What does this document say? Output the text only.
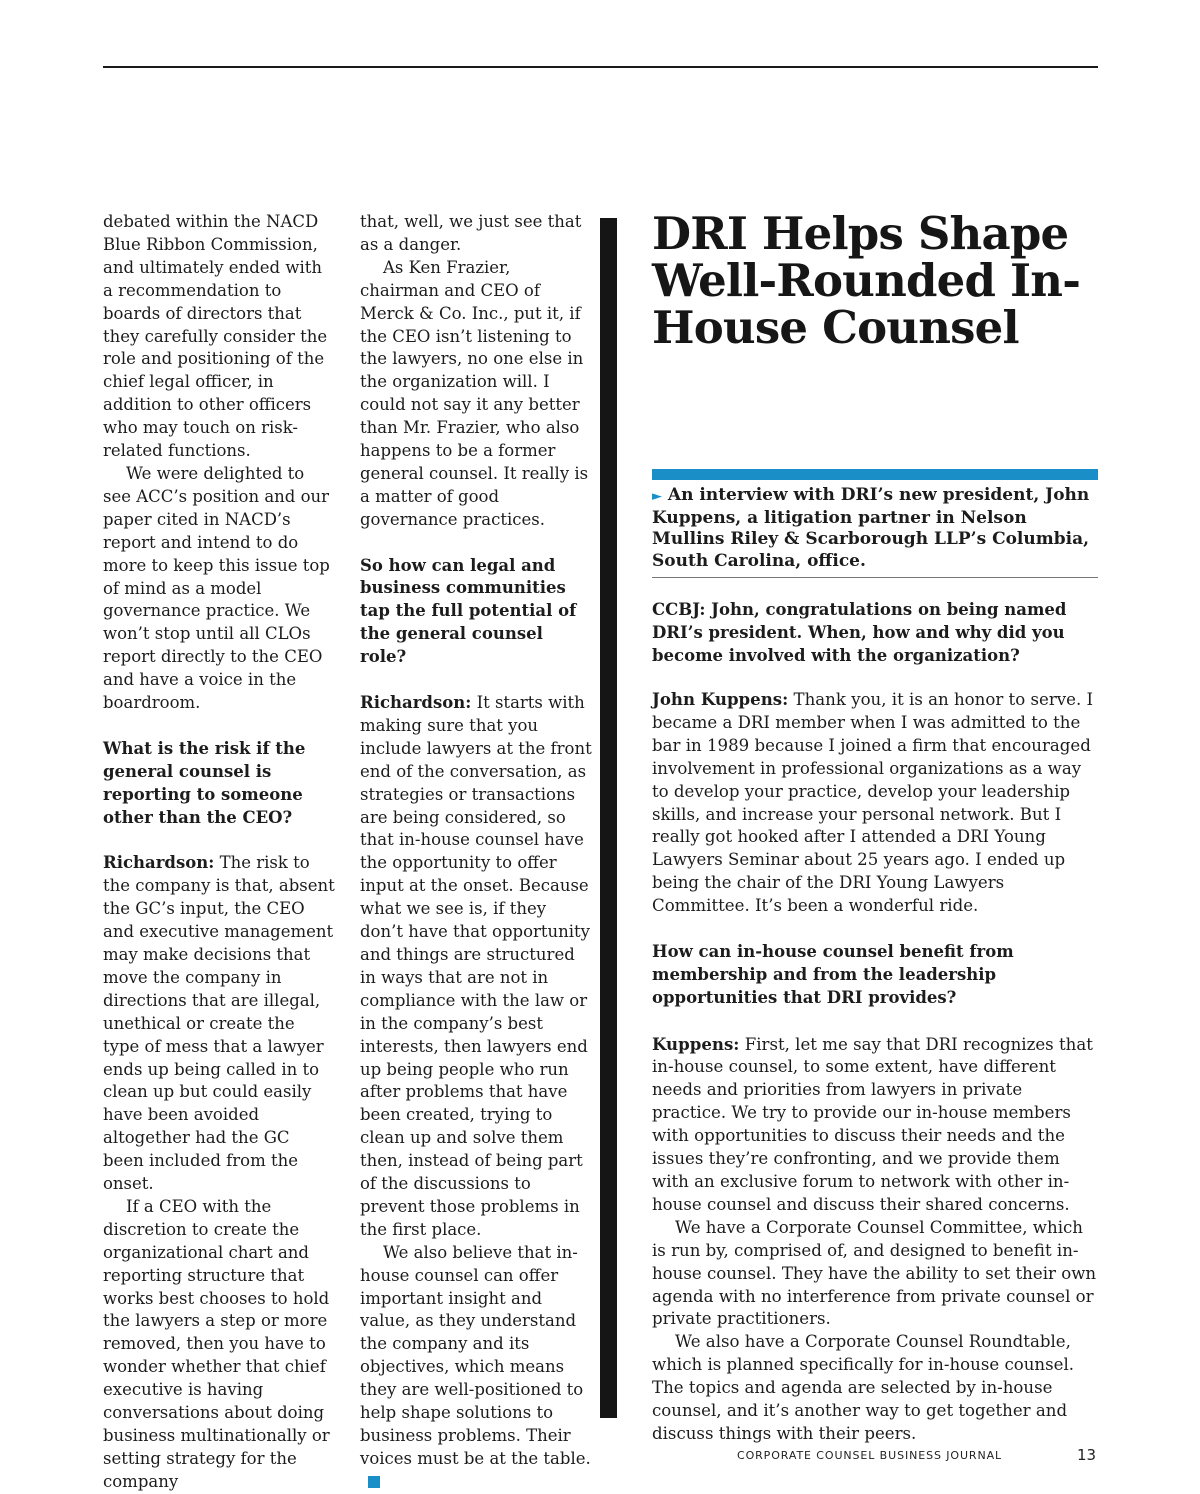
debated within the NACD Blue Ribbon Commission, and ultimately ended with a recommendation to boards of directors that they carefully consider the role and positioning of the chief legal officer, in addition to other officers who may touch on risk-related functions.

We were delighted to see ACC’s position and our paper cited in NACD’s report and intend to do more to keep this issue top of mind as a model governance practice. We won’t stop until all CLOs report directly to the CEO and have a voice in the boardroom.

What is the risk if the general counsel is reporting to someone other than the CEO?

Richardson: The risk to the company is that, absent the GC’s input, the CEO and executive management may make decisions that move the company in directions that are illegal, unethical or create the type of mess that a lawyer ends up being called in to clean up but could easily have been avoided altogether had the GC been included from the onset.

If a CEO with the discretion to create the organizational chart and reporting structure that works best chooses to hold the lawyers a step or more removed, then you have to wonder whether that chief executive is having conversations about doing business multinationally or setting strategy for the company

that, well, we just see that as a danger.

As Ken Frazier, chairman and CEO of Merck & Co. Inc., put it, if the CEO isn’t listening to the lawyers, no one else in the organization will. I could not say it any better than Mr. Frazier, who also happens to be a former general counsel. It really is a matter of good governance practices.

So how can legal and business communities tap the full potential of the general counsel role?

Richardson: It starts with making sure that you include lawyers at the front end of the conversation, as strategies or transactions are being considered, so that in-house counsel have the opportunity to offer input at the onset. Because what we see is, if they don’t have that opportunity and things are structured in ways that are not in compliance with the law or in the company’s best interests, then lawyers end up being people who run after problems that have been created, trying to clean up and solve them then, instead of being part of the discussions to prevent those problems in the first place.

We also believe that in-house counsel can offer important insight and value, as they understand the company and its objectives, which means they are well-positioned to help shape solutions to business problems. Their voices must be at the table.

DRI Helps Shape Well-Rounded In-House Counsel

► An interview with DRI’s new president, John Kuppens, a litigation partner in Nelson Mullins Riley & Scarborough LLP’s Columbia, South Carolina, office.

CCBJ: John, congratulations on being named DRI’s president. When, how and why did you become involved with the organization?

John Kuppens: Thank you, it is an honor to serve. I became a DRI member when I was admitted to the bar in 1989 because I joined a firm that encouraged involvement in professional organizations as a way to develop your practice, develop your leadership skills, and increase your personal network. But I really got hooked after I attended a DRI Young Lawyers Seminar about 25 years ago. I ended up being the chair of the DRI Young Lawyers Committee. It’s been a wonderful ride.

How can in-house counsel benefit from membership and from the leadership opportunities that DRI provides?

Kuppens: First, let me say that DRI recognizes that in-house counsel, to some extent, have different needs and priorities from lawyers in private practice. We try to provide our in-house members with opportunities to discuss their needs and the issues they’re confronting, and we provide them with an exclusive forum to network with other in-house counsel and discuss their shared concerns.

We have a Corporate Counsel Committee, which is run by, comprised of, and designed to benefit in-house counsel. They have the ability to set their own agenda with no interference from private counsel or private practitioners.

We also have a Corporate Counsel Roundtable, which is planned specifically for in-house counsel. The topics and agenda are selected by in-house counsel, and it’s another way to get together and discuss things with their peers.

CORPORATE COUNSEL BUSINESS JOURNAL	13
